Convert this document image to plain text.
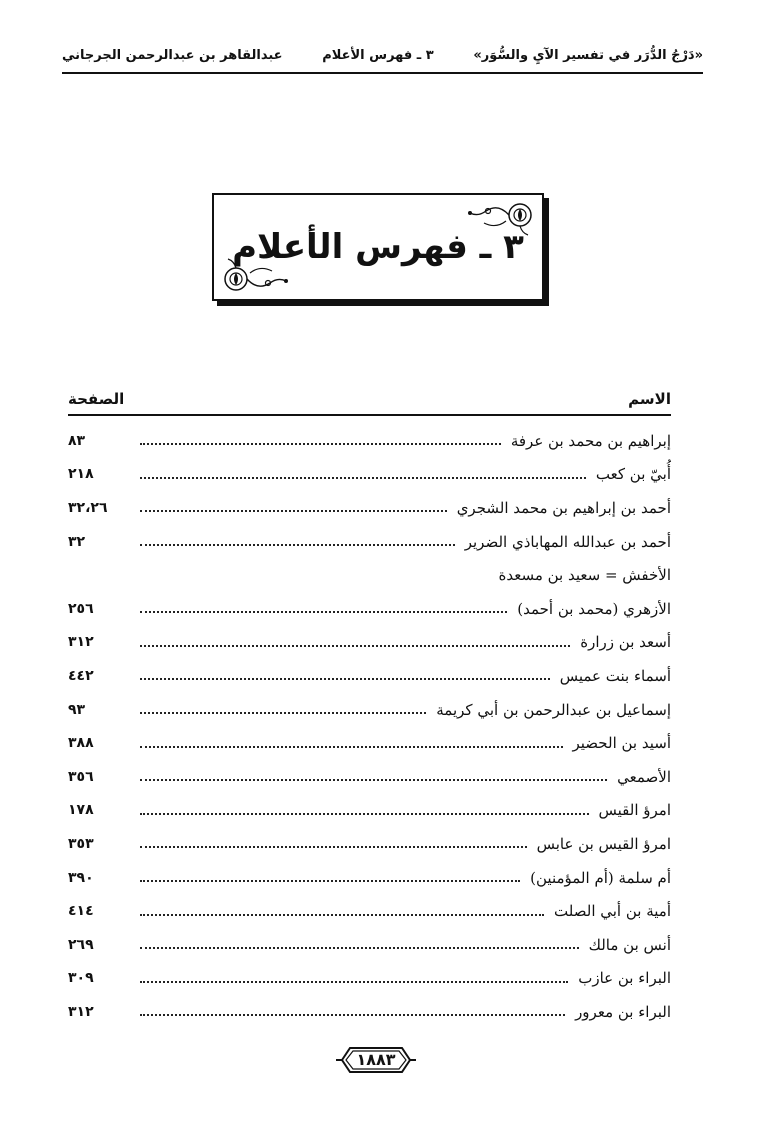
«دَرْجُ الدُّرَر في تفسير الآيِ والسُّوَر»
٣ ـ فهرس الأعلام
عبدالقاهر بن عبدالرحمن الجرجاني
٣ ـ فهرس الأعلام
الاسم
الصفحة
إبراهيم بن محمد بن عرفة
٨٣
أُبيّ بن كعب
٢١٨
أحمد بن إبراهيم بن محمد الشجري
٣٢،٢٦
أحمد بن عبدالله المهاباذي الضرير
٣٢
الأخفش = سعيد بن مسعدة
الأزهري (محمد بن أحمد)
٢٥٦
أسعد بن زرارة
٣١٢
أسماء بنت عميس
٤٤٢
إسماعيل بن عبدالرحمن بن أبي كريمة
٩٣
أسيد بن الحضير
٣٨٨
الأصمعي
٣٥٦
امرؤ القيس
١٧٨
امرؤ القيس بن عابس
٣٥٣
أم سلمة (أم المؤمنين)
٣٩٠
أمية بن أبي الصلت
٤١٤
أنس بن مالك
٢٦٩
البراء بن عازب
٣٠٩
البراء بن معرور
٣١٢
١٨٨٣
